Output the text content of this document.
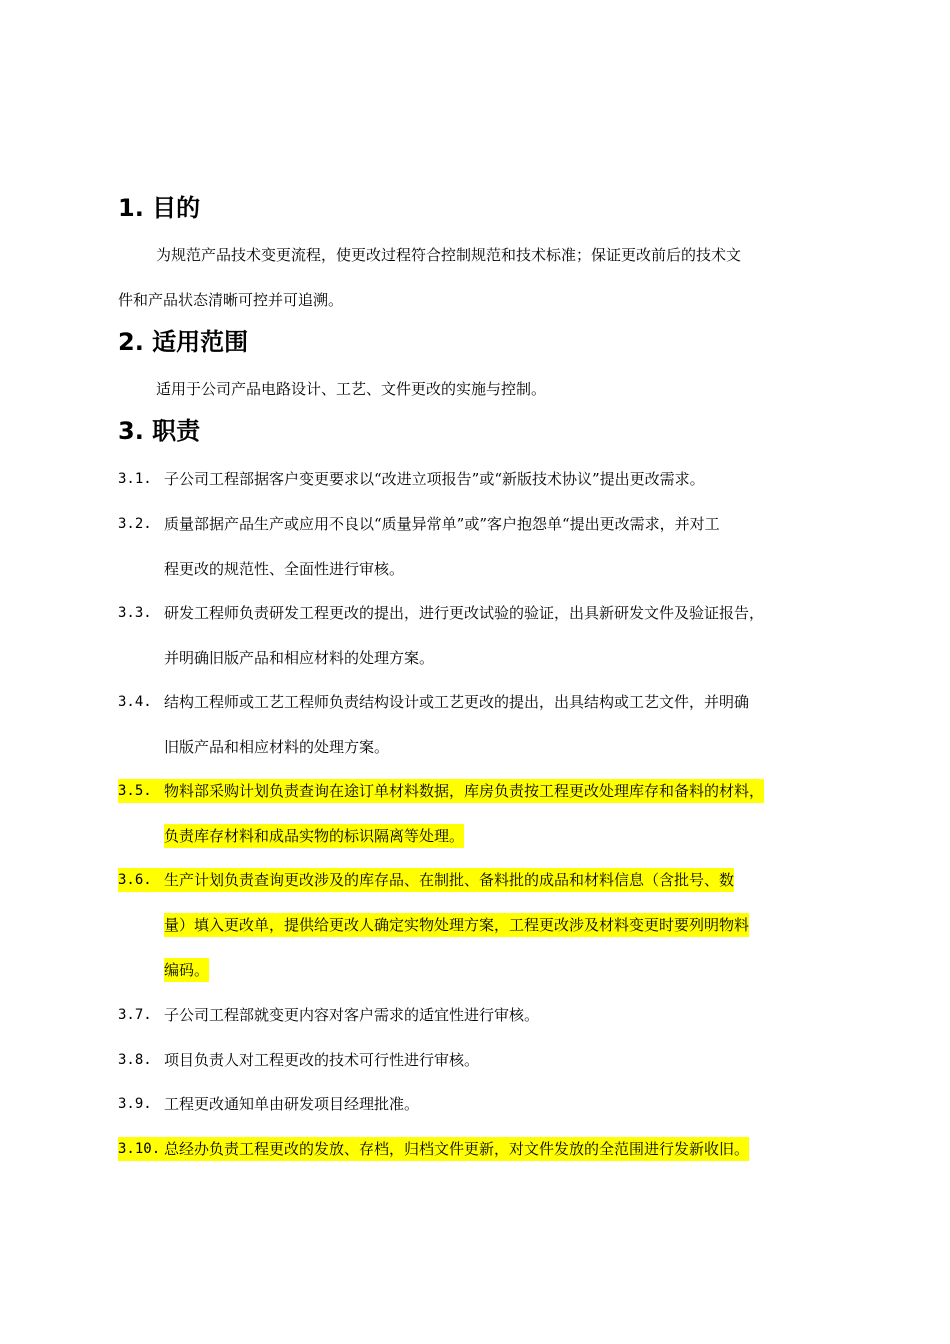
1. 目的
为规范产品技术变更流程，使更改过程符合控制规范和技术标准；保证更改前后的技术文
件和产品状态清晰可控并可追溯。
2. 适用范围
适用于公司产品电路设计、工艺、文件更改的实施与控制。
3. 职责
3.1. 子公司工程部据客户变更要求以“改进立项报告”或“新版技术协议”提出更改需求。
3.2. 质量部据产品生产或应用不良以“质量异常单”或”客户抱怨单“提出更改需求，并对工
程更改的规范性、全面性进行审核。
3.3. 研发工程师负责研发工程更改的提出，进行更改试验的验证，出具新研发文件及验证报告，
并明确旧版产品和相应材料的处理方案。
3.4. 结构工程师或工艺工程师负责结构设计或工艺更改的提出，出具结构或工艺文件，并明确
旧版产品和相应材料的处理方案。
3.5. 物料部采购计划负责查询在途订单材料数据，库房负责按工程更改处理库存和备料的材料，
负责库存材料和成品实物的标识隔离等处理。
3.6. 生产计划负责查询更改涉及的库存品、在制批、备料批的成品和材料信息（含批号、数
量）填入更改单，提供给更改人确定实物处理方案，工程更改涉及材料变更时要列明物料
编码。
3.7. 子公司工程部就变更内容对客户需求的适宜性进行审核。
3.8. 项目负责人对工程更改的技术可行性进行审核。
3.9. 工程更改通知单由研发项目经理批准。
3.10. 总经办负责工程更改的发放、存档，归档文件更新，对文件发放的全范围进行发新收旧。
